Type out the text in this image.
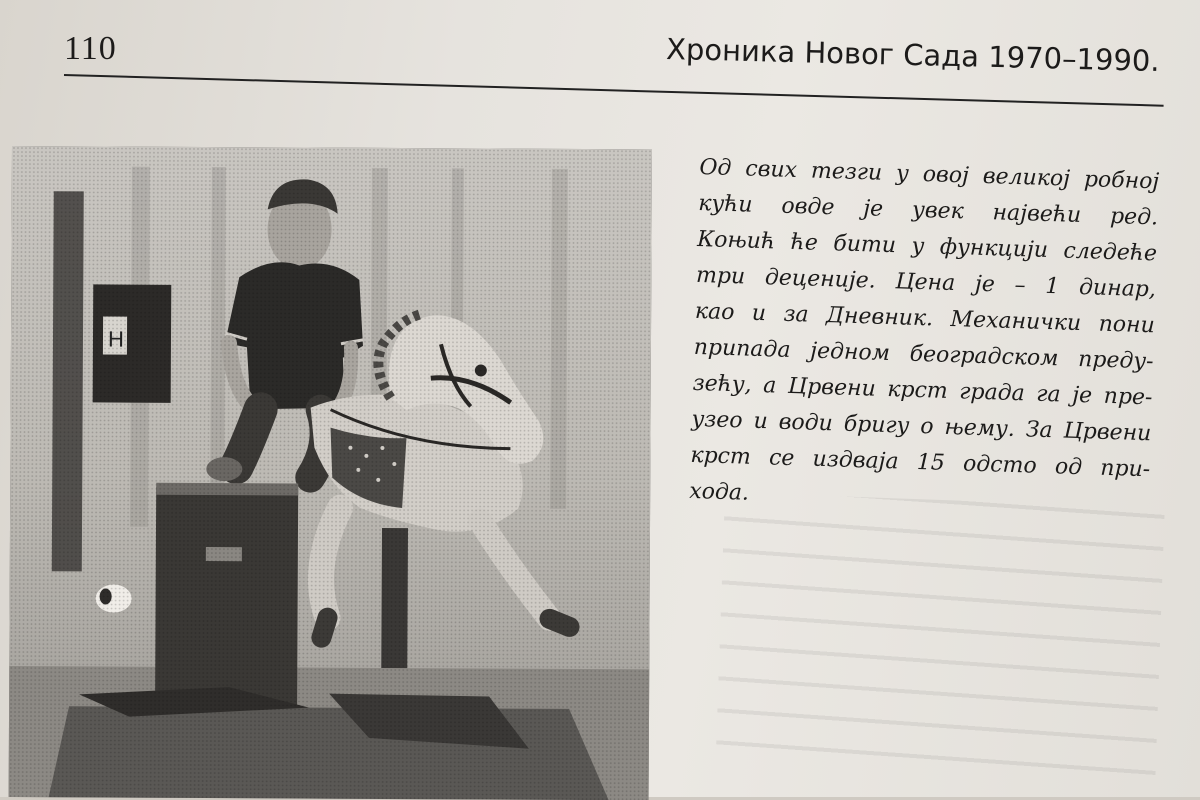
110	Хроника Новог Сада 1970–1990.
Од свих тезги у овој великој робној
кући овде је увек највећи ред.
Коњић ће бити у функцији следеће
три деценије. Цена је – 1 динар,
као и за Дневник. Механички пони
припада једном београдском преду-
зећу, а Црвени крст града га је пре-
узео и води бригу о њему. За Црвени
крст се издваја 15 одсто од при-
хода.
